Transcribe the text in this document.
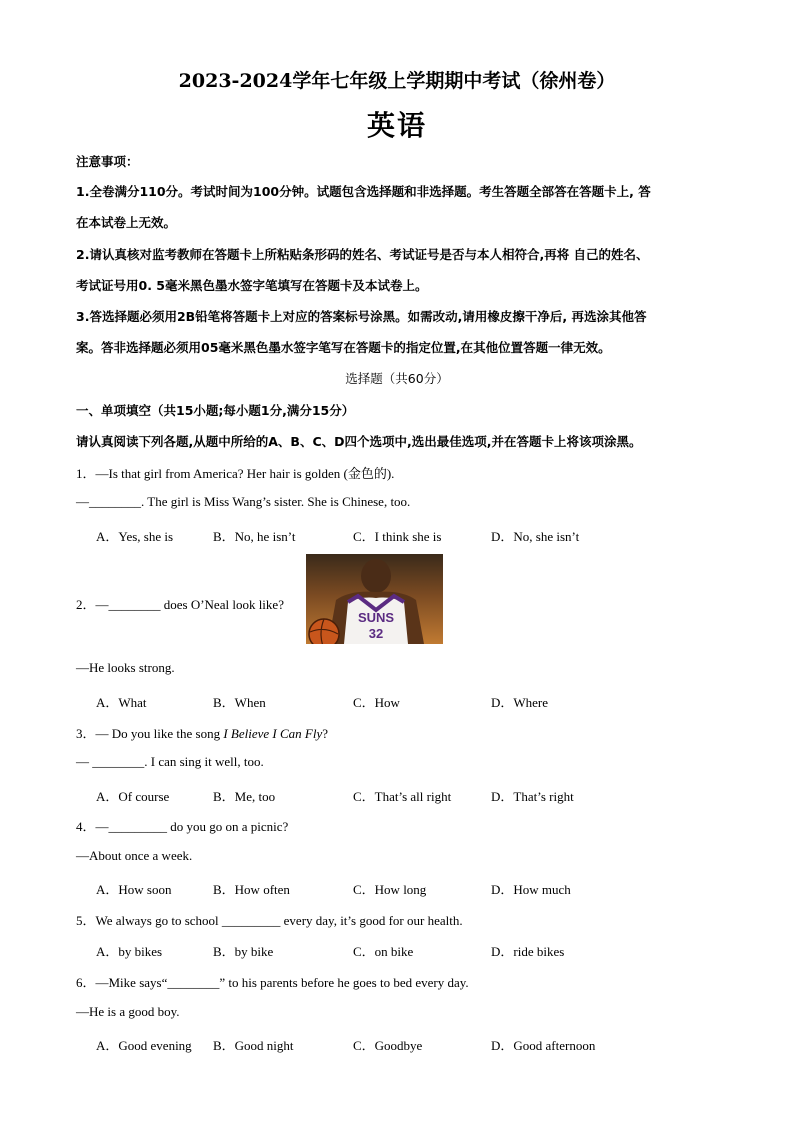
2023-2024学年七年级上学期期中考试（徐州卷）
英语
注意事项：
1.全卷满分110分。考试时间为100分钟。试题包含选择题和非选择题。考生答题全部答在答题卡上, 答
在本试卷上无效。
2.请认真核对监考教师在答题卡上所粘贴条形码的姓名、考试证号是否与本人相符合,再将 自己的姓名、
考试证号用0. 5毫米黑色墨水签字笔填写在答题卡及本试卷上。
3.答选择题必须用2B铅笔将答题卡上对应的答案标号涂黑。如需改动,请用橡皮擦干净后, 再选涂其他答
案。答非选择题必须用05毫米黑色墨水签字笔写在答题卡的指定位置,在其他位置答题一律无效。
选择题（共60分）
一、单项填空（共15小题;每小题1分,满分15分）
请认真阅读下列各题,从题中所给的A、B、C、D四个选项中,选出最佳选项,并在答题卡上将该项涂黑。
1．—Is that girl from America? Her hair is golden (金色的).
—________. The girl is Miss Wang’s sister. She is Chinese, too.
A．Yes, she is	B．No, he isn’t	C．I think she is	D．No, she isn’t
2．—________ does O’Neal look like?
SUNS
32
—He looks strong.
A．What	B．When	C．How	D．Where
3．— Do you like the song I Believe I Can Fly?
— ________. I can sing it well, too.
A．Of course	B．Me, too	C．That’s all right	D．That’s right
4．—_________ do you go on a picnic?
—About once a week.
A．How soon	B．How often	C．How long	D．How much
5．We always go to school _________ every day, it’s good for our health.
A．by bikes	B．by bike	C．on bike	D．ride bikes
6．—Mike says“________” to his parents before he goes to bed every day.
—He is a good boy.
A．Good evening B．Good night	C．Goodbye	D．Good afternoon
